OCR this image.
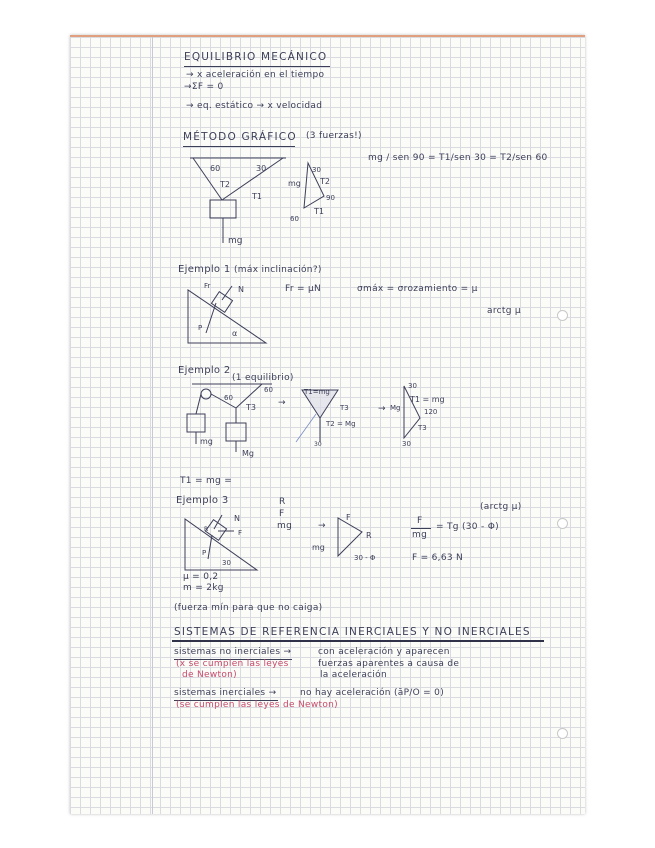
EQUILIBRIO MECÁNICO
→ x aceleración en el tiempo
→ΣF = 0
→ eq. estático → x velocidad
MÉTODO GRÁFICO (3 fuerzas!)
mg / sen 90 = T1/sen 30 = T2/sen 60
60	30
T2
T1
mg
mg
30
T2
90
T1
60
Ejemplo 1 (máx inclinación?)
Fr	N
P
α
Fr = μN	σmáx = σrozamiento = μ
arctg μ
Ejemplo 2
(1 equilibrio)
60
60
T3
mg
Mg
→
T1=mg
T3
T2 = Mg
30
→
30
T1 = mg
Mg	120
T3
30
T1 = mg =
Ejemplo 3
N
F
P
30
R
μ = 0,2
m = 2kg
R
F
mg	→
F
R
mg
30 - Φ
(arctg μ)
F
mg
= Tg (30 - Φ)
F = 6,63 N
(fuerza mín para que no caiga)
SISTEMAS DE REFERENCIA INERCIALES Y NO INERCIALES
sistemas no inerciales →
(x se cumplen las leyes
de Newton)
con aceleración y aparecen
fuerzas aparentes a causa de
la aceleración
sistemas inerciales →	no hay aceleración (āP/O = 0)
(se cumplen las leyes de Newton)
